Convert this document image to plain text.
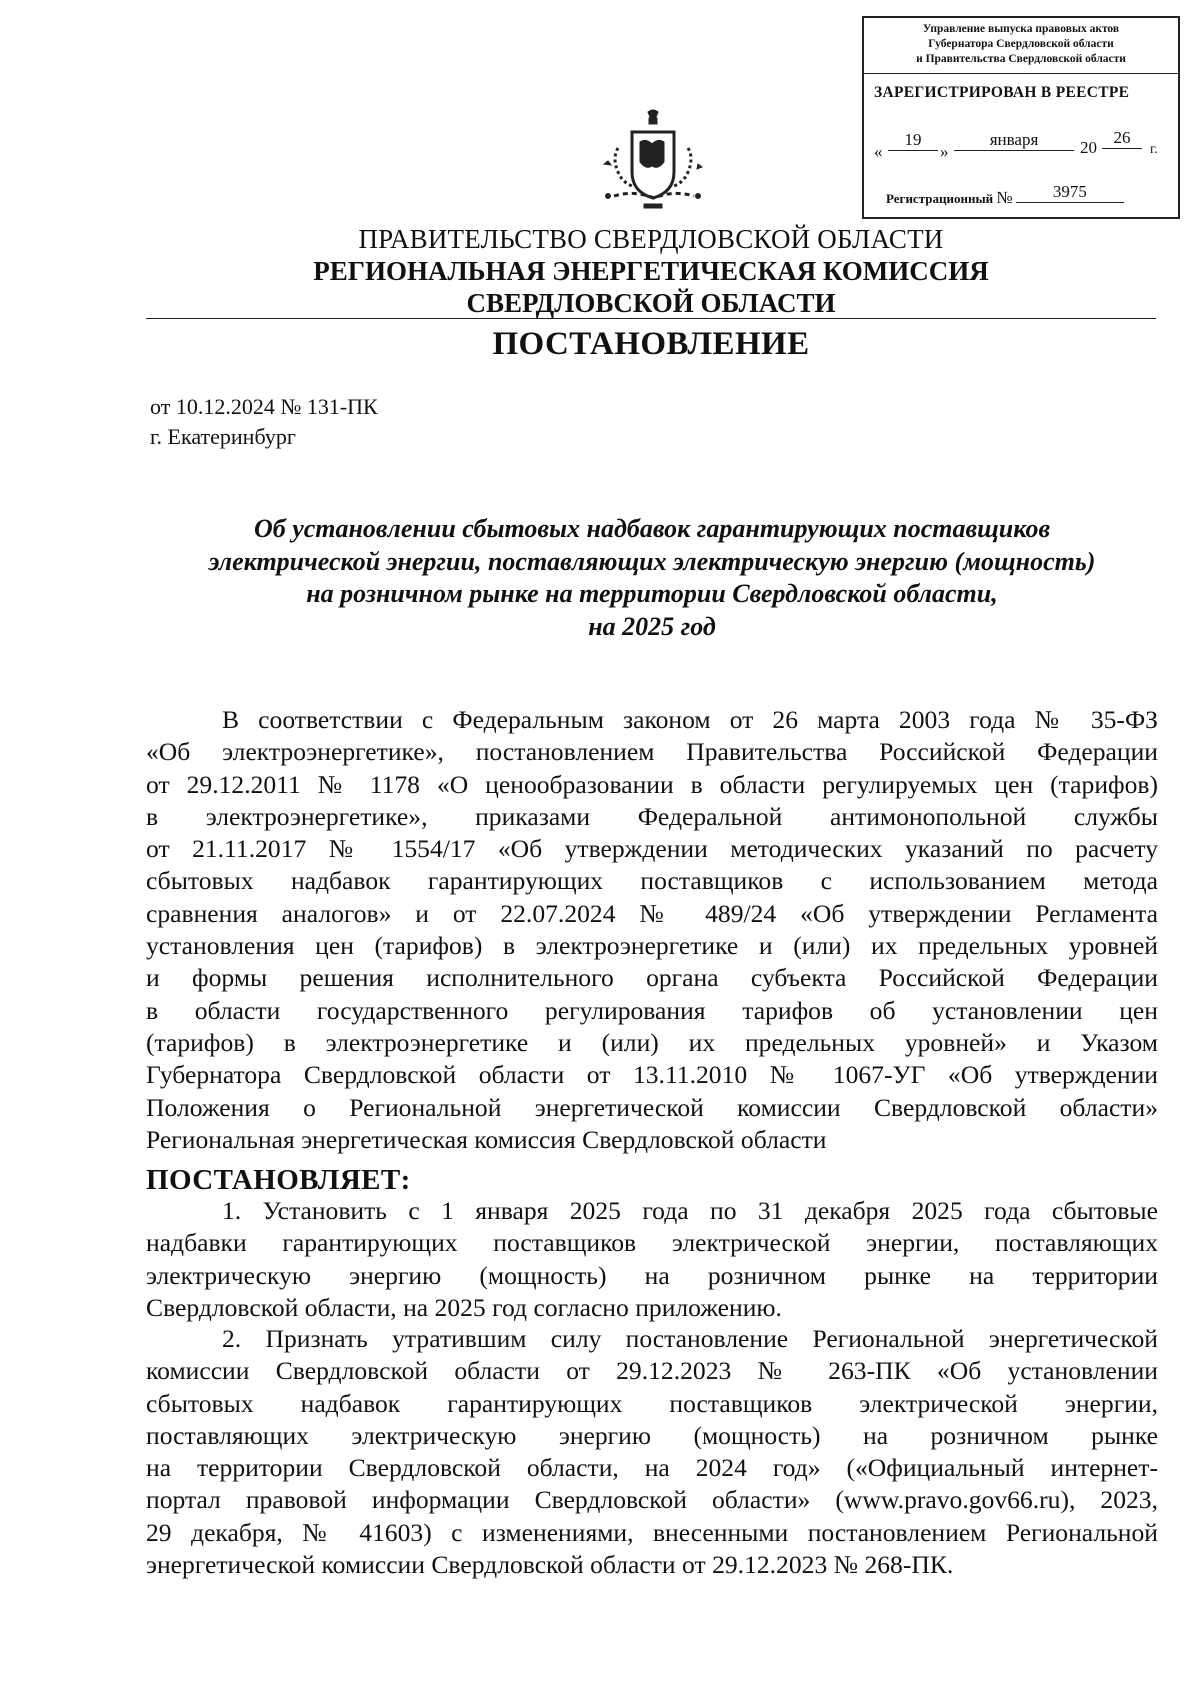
Управление выпуска правовых актов
Губернатора Свердловской области
и Правительства Свердловской области
ЗАРЕГИСТРИРОВАН В РЕЕСТРЕ
«
19
»
января	20
26
г.
Регистрационный № 3975
ПРАВИТЕЛЬСТВО СВЕРДЛОВСКОЙ ОБЛАСТИ
РЕГИОНАЛЬНАЯ ЭНЕРГЕТИЧЕСКАЯ КОМИССИЯ
СВЕРДЛОВСКОЙ ОБЛАСТИ
ПОСТАНОВЛЕНИЕ
от 10.12.2024 № 131-ПК
г. Екатеринбург
Об установлении сбытовых надбавок гарантирующих поставщиков
электрической энергии, поставляющих электрическую энергию (мощность)
на розничном рынке на территории Свердловской области,
на 2025 год
В соответствии с Федеральным законом от 26 марта 2003 года № 35-ФЗ
«Об электроэнергетике», постановлением Правительства Российской Федерации
от 29.12.2011 № 1178 «О ценообразовании в области регулируемых цен (тарифов)
в электроэнергетике», приказами Федеральной антимонопольной службы
от 21.11.2017 № 1554/17 «Об утверждении методических указаний по расчету
сбытовых надбавок гарантирующих поставщиков с использованием метода
сравнения аналогов» и от 22.07.2024 № 489/24 «Об утверждении Регламента
установления цен (тарифов) в электроэнергетике и (или) их предельных уровней
и формы решения исполнительного органа субъекта Российской Федерации
в области государственного регулирования тарифов об установлении цен
(тарифов) в электроэнергетике и (или) их предельных уровней» и Указом
Губернатора Свердловской области от 13.11.2010 № 1067-УГ «Об утверждении
Положения о Региональной энергетической комиссии Свердловской области»
Региональная энергетическая комиссия Свердловской области
ПОСТАНОВЛЯЕТ:
1. Установить с 1 января 2025 года по 31 декабря 2025 года сбытовые
надбавки гарантирующих поставщиков электрической энергии, поставляющих
электрическую энергию (мощность) на розничном рынке на территории
Свердловской области, на 2025 год согласно приложению.
2. Признать утратившим силу постановление Региональной энергетической
комиссии Свердловской области от 29.12.2023 № 263-ПК «Об установлении
сбытовых надбавок гарантирующих поставщиков электрической энергии,
поставляющих электрическую энергию (мощность) на розничном рынке
на территории Свердловской области, на 2024 год» («Официальный интернет-
портал правовой информации Свердловской области» (www.pravo.gov66.ru), 2023,
29 декабря, № 41603) с изменениями, внесенными постановлением Региональной
энергетической комиссии Свердловской области от 29.12.2023 № 268-ПК.
